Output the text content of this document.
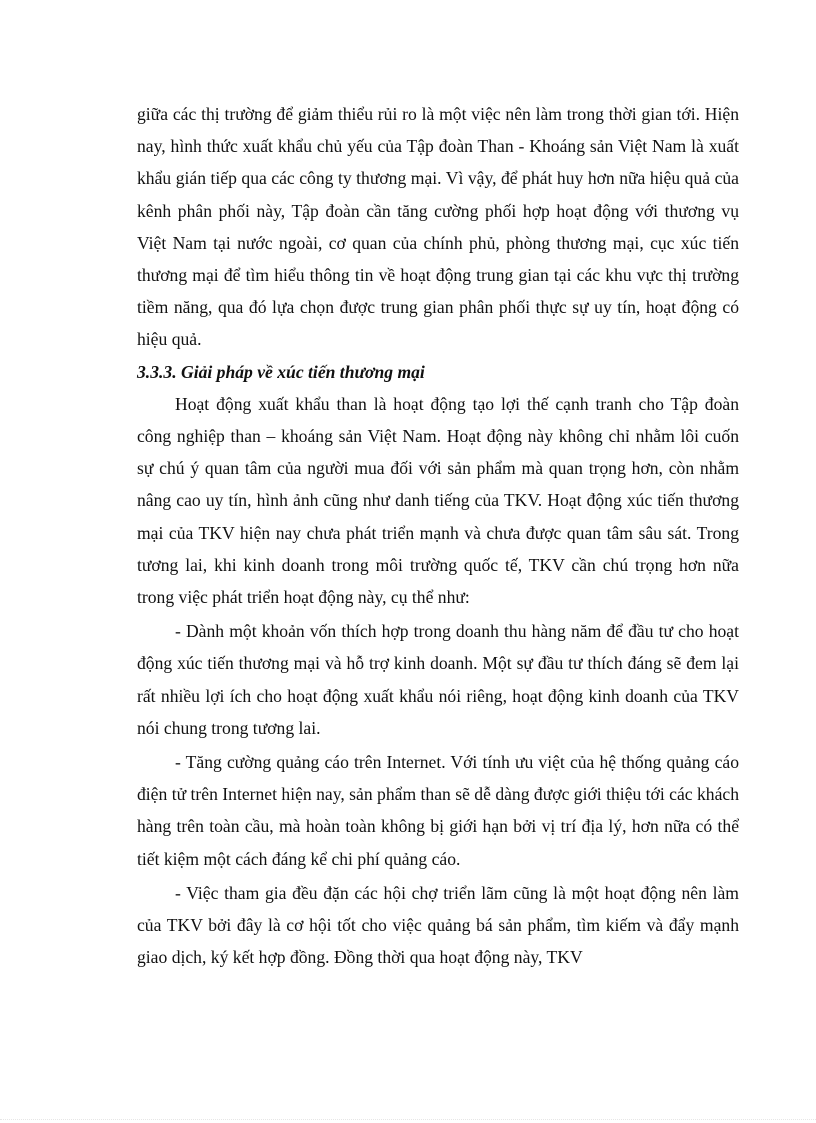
giữa các thị trường để giảm thiểu rủi ro là một việc nên làm trong thời gian tới. Hiện nay, hình thức xuất khẩu chủ yếu của Tập đoàn Than - Khoáng sản Việt Nam là xuất khẩu gián tiếp qua các công ty thương mại. Vì vậy, để phát huy hơn nữa hiệu quả của kênh phân phối này, Tập đoàn cần tăng cường phối hợp hoạt động với thương vụ Việt Nam tại nước ngoài, cơ quan của chính phủ, phòng thương mại, cục xúc tiến thương mại để tìm hiểu thông tin về hoạt động trung gian tại các khu vực thị trường tiềm năng, qua đó lựa chọn được trung gian phân phối thực sự uy tín, hoạt động có hiệu quả.

3.3.3. Giải pháp về xúc tiến thương mại

Hoạt động xuất khẩu than là hoạt động tạo lợi thế cạnh tranh cho Tập đoàn công nghiệp than – khoáng sản Việt Nam. Hoạt động này không chỉ nhằm lôi cuốn sự chú ý quan tâm của người mua đối với sản phẩm mà quan trọng hơn, còn nhằm nâng cao uy tín, hình ảnh cũng như danh tiếng của TKV. Hoạt động xúc tiến thương mại của TKV hiện nay chưa phát triển mạnh và chưa được quan tâm sâu sát. Trong tương lai, khi kinh doanh trong môi trường quốc tế, TKV cần chú trọng hơn nữa trong việc phát triển hoạt động này, cụ thể như:

- Dành một khoản vốn thích hợp trong doanh thu hàng năm để đầu tư cho hoạt động xúc tiến thương mại và hỗ trợ kinh doanh. Một sự đầu tư thích đáng sẽ đem lại rất nhiều lợi ích cho hoạt động xuất khẩu nói riêng, hoạt động kinh doanh của TKV nói chung trong tương lai.

- Tăng cường quảng cáo trên Internet. Với tính ưu việt của hệ thống quảng cáo điện tử trên Internet hiện nay, sản phẩm than sẽ dễ dàng được giới thiệu tới các khách hàng trên toàn cầu, mà hoàn toàn không bị giới hạn bởi vị trí địa lý, hơn nữa có thể tiết kiệm một cách đáng kể chi phí quảng cáo.

- Việc tham gia đều đặn các hội chợ triển lãm cũng là một hoạt động nên làm của TKV bởi đây là cơ hội tốt cho việc quảng bá sản phẩm, tìm kiếm và đẩy mạnh giao dịch, ký kết hợp đồng. Đồng thời qua hoạt động này, TKV
